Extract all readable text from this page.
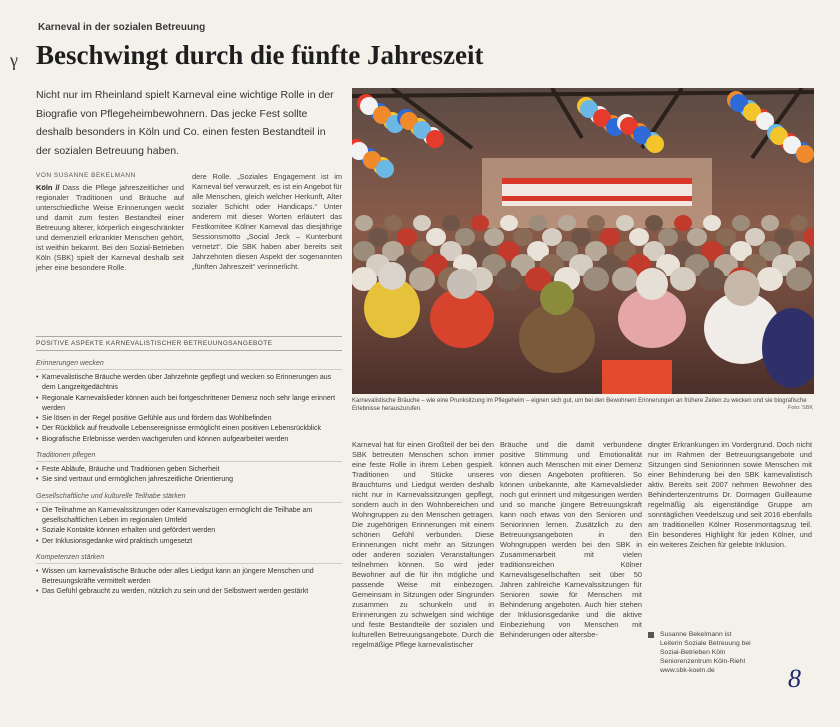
Karneval in der sozialen Betreuung
γ Beschwingt durch die fünfte Jahreszeit

Nicht nur im Rheinland spielt Karneval eine wichtige Rolle in der Biografie von Pflegeheimbewohnern. Das jecke Fest sollte deshalb besonders in Köln und Co. einen festen Bestandteil in der sozialen Betreuung haben.

VON SUSANNE BEKELMANN
Köln // Dass die Pflege jahreszeitlicher und regionaler Traditionen und Bräuche auf unterschiedliche Weise Erinnerungen weckt und damit zum festen Bestandteil einer Betreuung älterer, körperlich eingeschränkter und demenziell erkrankter Menschen gehört, ist weithin bekannt. Bei den Sozial-Betrieben Köln (SBK) spielt der Karneval deshalb seit jeher eine besondere Rolle.
dere Rolle. „Soziales Engagement ist im Karneval tief verwurzelt, es ist ein Angebot für alle Menschen, gleich welcher Herkunft, Alter sozialer Schicht oder Handicaps.“ Unter anderem mit dieser Worten erläutert das Festkomitee Kölner Karneval das diesjährige Sessionsmotto „Social Jeck – Kunterbunt vernetzt“. Die SBK haben aber bereits seit Jahrzehnten diesen Aspekt der sogenannten „fünften Jahreszeit“ verinnerlicht.
POSITIVE ASPEKTE KARNEVALISTISCHER BETREUUNGSANGEBOTE
Erinnerungen wecken
• Karnevalistische Bräuche werden über Jahrzehnte gepflegt und wecken so Erinnerungen aus dem Langzeitgedächtnis
• Regionale Karnevalslieder können auch bei fortgeschrittener Demenz noch sehr lange erinnert werden
• Sie lösen in der Regel positive Gefühle aus und fördern das Wohlbefinden
• Der Rückblick auf freudvolle Lebensereignisse ermöglicht einen positiven Lebensrückblick
• Biografische Erlebnisse werden wachgerufen und können aufgearbeitet werden
Traditionen pflegen
• Feste Abläufe, Bräuche und Traditionen geben Sicherheit
• Sie sind vertraut und ermöglichen jahreszeitliche Orientierung
Gesellschaftliche und kulturelle Teilhabe stärken
• Die Teilnahme an Karnevalssitzungen oder Karnevalszügen ermöglicht die Teilhabe am gesellschaftlichen Leben im regionalen Umfeld
• Soziale Kontakte können erhalten und gefördert werden
• Der Inklusionsgedanke wird praktisch umgesetzt
Kompetenzen stärken
• Wissen um karnevalistische Bräuche oder alles Liedgut kann an jüngere Menschen und Betreuungskräfte vermittelt werden
• Das Gefühl gebraucht zu werden, nützlich zu sein und der Selbstwert werden gestärkt

Karnevalistische Bräuche – wie eine Prunksitzung im Pflegeheim – eignen sich gut, um bei den Bewohnern Erinnerungen an frühere Zeiten zu wecken und sie biografische Erlebnisse herauszurufen.	Foto: SBK
Karneval hat für einen Großteil der bei den SBK betreuten Menschen schon immer eine feste Rolle in ihrem Leben gespielt. Traditionen und Stücke unseres Brauchtums und Liedgut werden deshalb nicht nur in Karnevalssitzungen gepflegt, sondern auch in den Wohnbereichen und Wohngruppen zu den Menschen getragen. Die zugehörigen Erinnerungen mit einem schönen Gefühl verbunden. Diese Erinnerungen nicht mehr an Sitzungen oder anderen sozialen Veranstaltungen teilnehmen können. So wird jeder Bewohner auf die für ihn mögliche und passende Weise mit einbezogen. Gemeinsam in Sitzungen oder Singrunden zusammen zu schunkeln und in Erinnerungen zu schwelgen sind wichtige und feste Bestandteile der sozialen und kulturellen Betreuungsangebote. Durch die regelmäßige Pflege karnevalistischer
Bräuche und die damit verbundene positive Stimmung und Emotionalität können auch Menschen mit einer Demenz von diesen Angeboten profitieren. So können unbekannte, alte Karnevalslieder noch gut erinnert und mitgesungen werden und so manche jüngere Betreuungskraft kann noch etwas von den Senioren und Seniorinnen lernen. Zusätzlich zu den Betreuungsangeboten in den Wohngruppen werden bei den SBK in Zusammenarbeit mit vielen traditionsreichen Kölner Karnevalsgesellschaften seit über 50 Jahren zahlreiche Karnevalssitzungen für Senioren sowie für Menschen mit Behinderung angeboten. Auch hier stehen der Inklusionsgedanke und die aktive Einbeziehung von Menschen mit Behinderungen oder altersbe-
dingter Erkrankungen im Vordergrund. Doch nicht nur im Rahmen der Betreuungsangebote und Sitzungen sind Seniorinnen sowie Menschen mit einer Behinderung bei den SBK karnevalistisch aktiv. Bereits seit 2007 nehmen Bewohner des Behindertenzentrums Dr. Dormagen Guilleaume regelmäßig als eigenständige Gruppe am sonntäglichen Veedelszug und seit 2016 ebenfalls am traditionellen Kölner Rosenmontagszug teil. Ein besonderes Highlight für jeden Kölner, und ein weiteres Zeichen für gelebte Inklusion.
Susanne Bekelmann ist
Leiterin Soziale Betreuung bei
Sozial-Betrieben Köln
Seniorenzentrum Köln-Riehl
www.sbk-koeln.de	8
